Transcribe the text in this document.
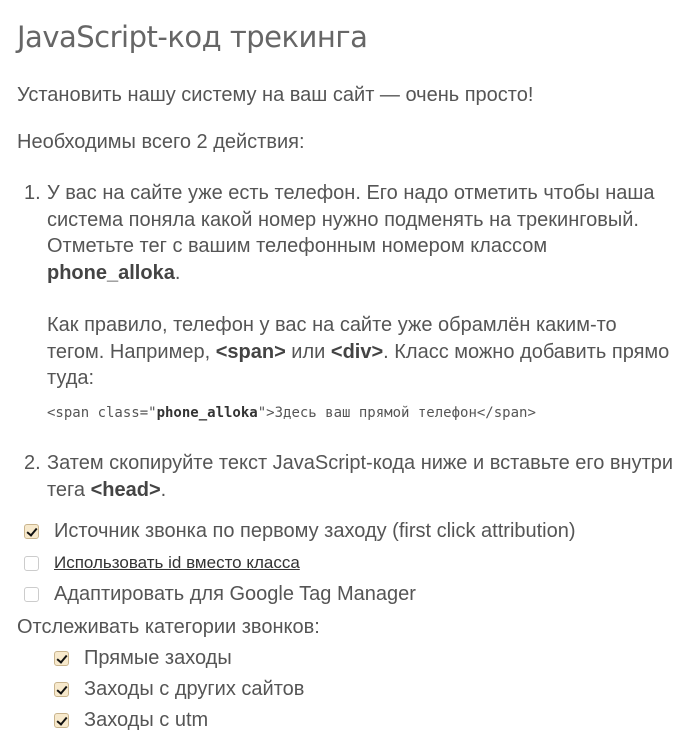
JavaScript-код трекинга

Установить нашу систему на ваш сайт — очень просто!

Необходимы всего 2 действия:

1. У вас на сайте уже есть телефон. Его надо отметить чтобы наша система поняла какой номер нужно подменять на трекинговый. Отметьте тег с вашим телефонным номером классом phone_alloka.
Как правило, телефон у вас на сайте уже обрамлён каким-то тегом. Например, <span> или <div>. Класс можно добавить прямо туда:
<span class="phone_alloka">Здесь ваш прямой телефон</span>
2. Затем скопируйте текст JavaScript-кода ниже и вставьте его внутри тега <head>.
Источник звонка по первому заходу (first click attribution)
Использовать id вместо класса
Адаптировать для Google Tag Manager

Отслеживать категории звонков:

Прямые заходы
Заходы с других сайтов
Заходы с utm
